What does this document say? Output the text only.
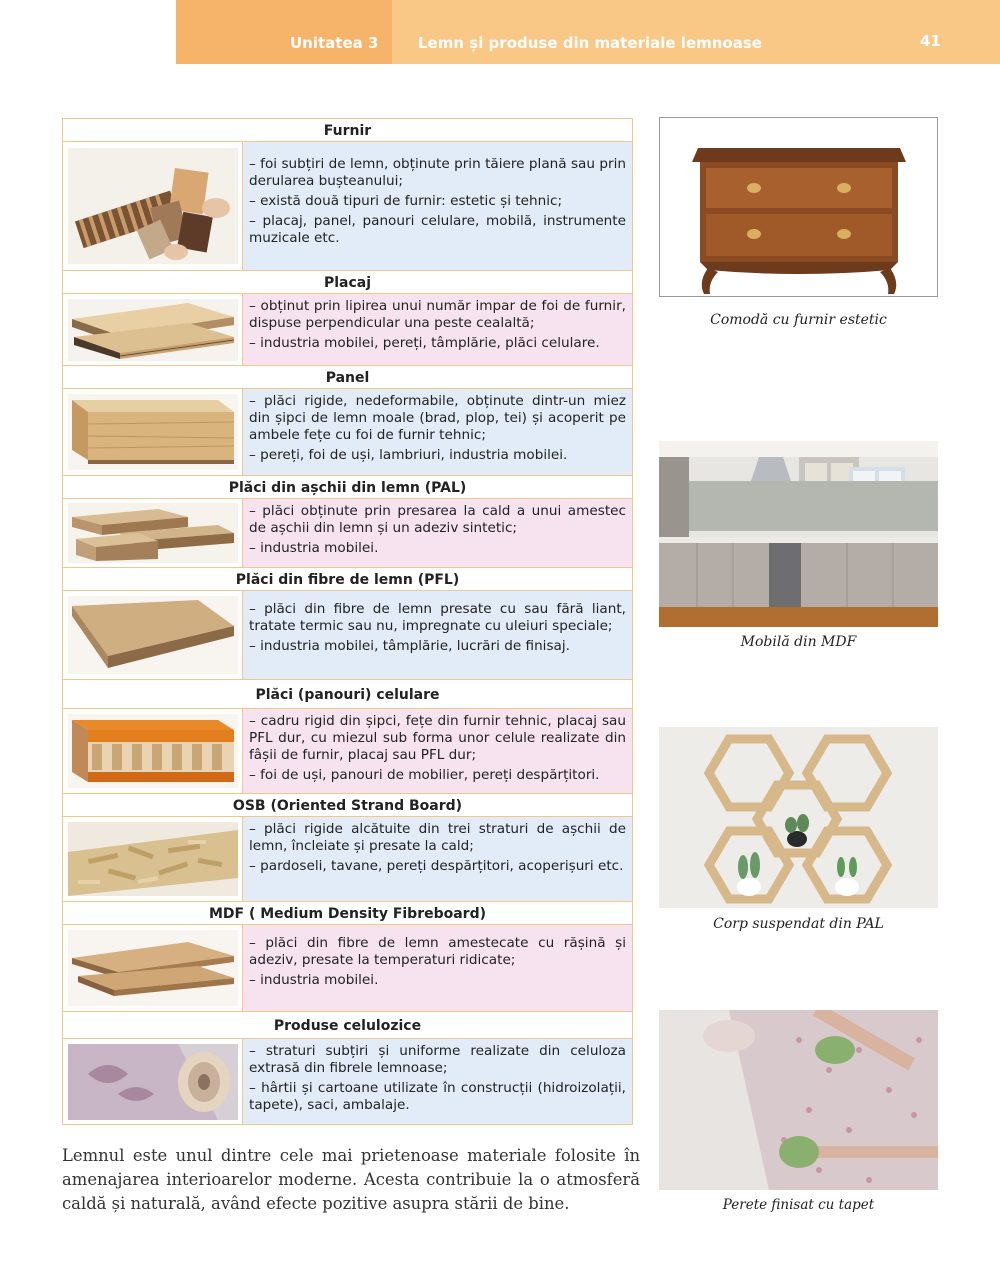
Unitatea 3	Lemn și produse din materiale lemnoase	41
Furnir

– foi subțiri de lemn, obținute prin tăiere plană sau prin derularea bușteanului;

– există două tipuri de furnir: estetic și tehnic;

– placaj, panel, panouri celulare, mobilă, instrumente muzicale etc.

Placaj

– obținut prin lipirea unui număr impar de foi de furnir, dispuse perpendicular una peste cealaltă;

– industria mobilei, pereți, tâmplărie, plăci celulare.

Panel

– plăci rigide, nedeformabile, obținute dintr-un miez din șipci de lemn moale (brad, plop, tei) și acoperit pe ambele fețe cu foi de furnir tehnic;

– pereți, foi de uși, lambriuri, industria mobilei.

Plăci din așchii din lemn (PAL)

– plăci obținute prin presarea la cald a unui amestec de așchii din lemn și un adeziv sintetic;

– industria mobilei.

Plăci din fibre de lemn (PFL)

– plăci din fibre de lemn presate cu sau fără liant, tratate termic sau nu, impregnate cu uleiuri speciale;

– industria mobilei, tâmplărie, lucrări de finisaj.

Plăci (panouri) celulare

– cadru rigid din șipci, fețe din furnir tehnic, placaj sau PFL dur, cu miezul sub forma unor celule realizate din fâșii de furnir, placaj sau PFL dur;

– foi de uși, panouri de mobilier, pereți despărțitori.

OSB (Oriented Strand Board)

– plăci rigide alcătuite din trei straturi de așchii de lemn, încleiate și presate la cald;

– pardoseli, tavane, pereți despărțitori, acoperișuri etc.

MDF ( Medium Density Fibreboard)

– plăci din fibre de lemn amestecate cu rășină și adeziv, presate la temperaturi ridicate;

– industria mobilei.

Produse celulozice

– straturi subțiri și uniforme realizate din celuloza extrasă din fibrele lemnoase;

– hârtii și cartoane utilizate în construcții (hidroizolații, tapete), saci, ambalaje.

Comodă cu furnir estetic
Mobilă din MDF
Corp suspendat din PAL
Perete finisat cu tapet
Lemnul este unul dintre cele mai prietenoase materiale folosite în amenajarea interioarelor moderne. Acesta contribuie la o atmosferă caldă și naturală, având efecte pozitive asupra stării de bine.
